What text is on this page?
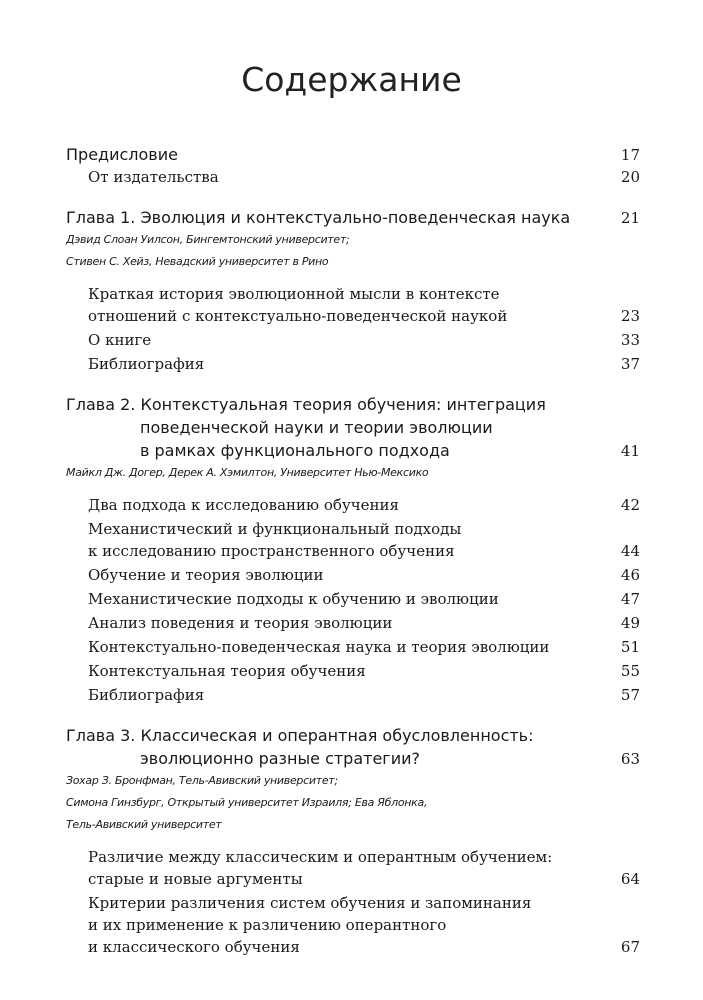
Содержание
Предисловие	17
От издательства	20
Глава 1. Эволюция и контекстуально-поведенческая наука	21
Дэвид Слоан Уилсон, Бингемтонский университет;
Стивен С. Хейз, Невадский университет в Рино
Краткая история эволюционной мысли в контексте
отношений с контекстуально-поведенческой наукой	23
О книге	33
Библиография	37
Глава 2. Контекстуальная теория обучения: интеграция
поведенческой науки и теории эволюции
в рамках функционального подхода	41
Майкл Дж. Догер, Дерек А. Хэмилтон, Университет Нью-Мексико
Два подхода к исследованию обучения	42
Механистический и функциональный подходы
к исследованию пространственного обучения	44
Обучение и теория эволюции	46
Механистические подходы к обучению и эволюции	47
Анализ поведения и теория эволюции	49
Контекстуально-поведенческая наука и теория эволюции	51
Контекстуальная теория обучения	55
Библиография	57
Глава 3. Классическая и оперантная обусловленность:
эволюционно разные стратегии?	63
Зохар З. Бронфман, Тель-Авивский университет;
Симона Гинзбург, Открытый университет Израиля; Ева Яблонка,
Тель-Авивский университет
Различие между классическим и оперантным обучением:
старые и новые аргументы	64
Критерии различения систем обучения и запоминания
и их применение к различению оперантного
и классического обучения	67
